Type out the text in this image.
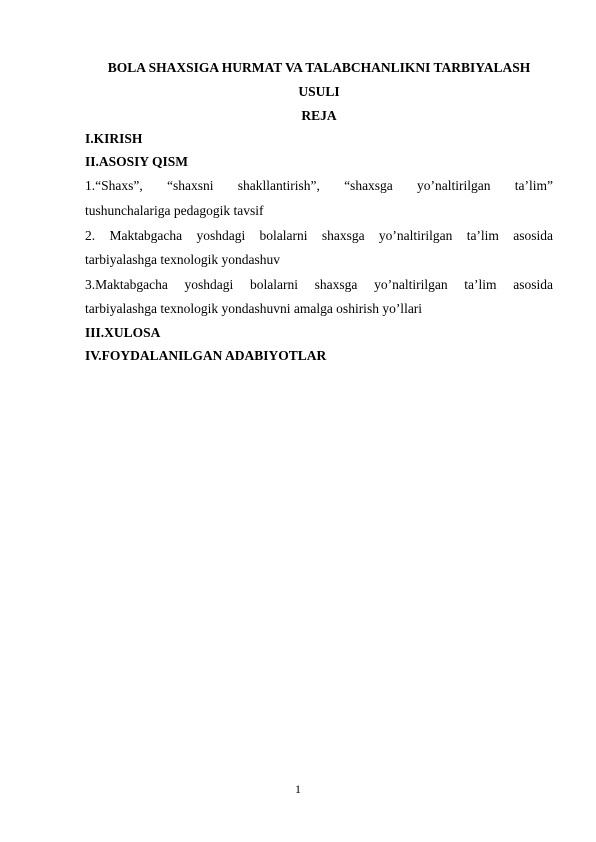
BOLA SHAXSIGA HURMAT VA TALABCHANLIKNI TARBIYALASH
USULI
REJA
I.KIRISH
II.ASOSIY QISM
1.“Shaxs”, “shaxsni shakllantirish”, “shaxsga yo’naltirilgan ta’lim”
tushunchalariga pedagogik tavsif
2. Maktabgacha yoshdagi bolalarni shaxsga yo’naltirilgan ta’lim asosida
tarbiyalashga texnologik yondashuv
3.Maktabgacha yoshdagi bolalarni shaxsga yo’naltirilgan ta’lim asosida
tarbiyalashga texnologik yondashuvni amalga oshirish yo’llari
III.XULOSA
IV.FOYDALANILGAN ADABIYOTLAR
1
